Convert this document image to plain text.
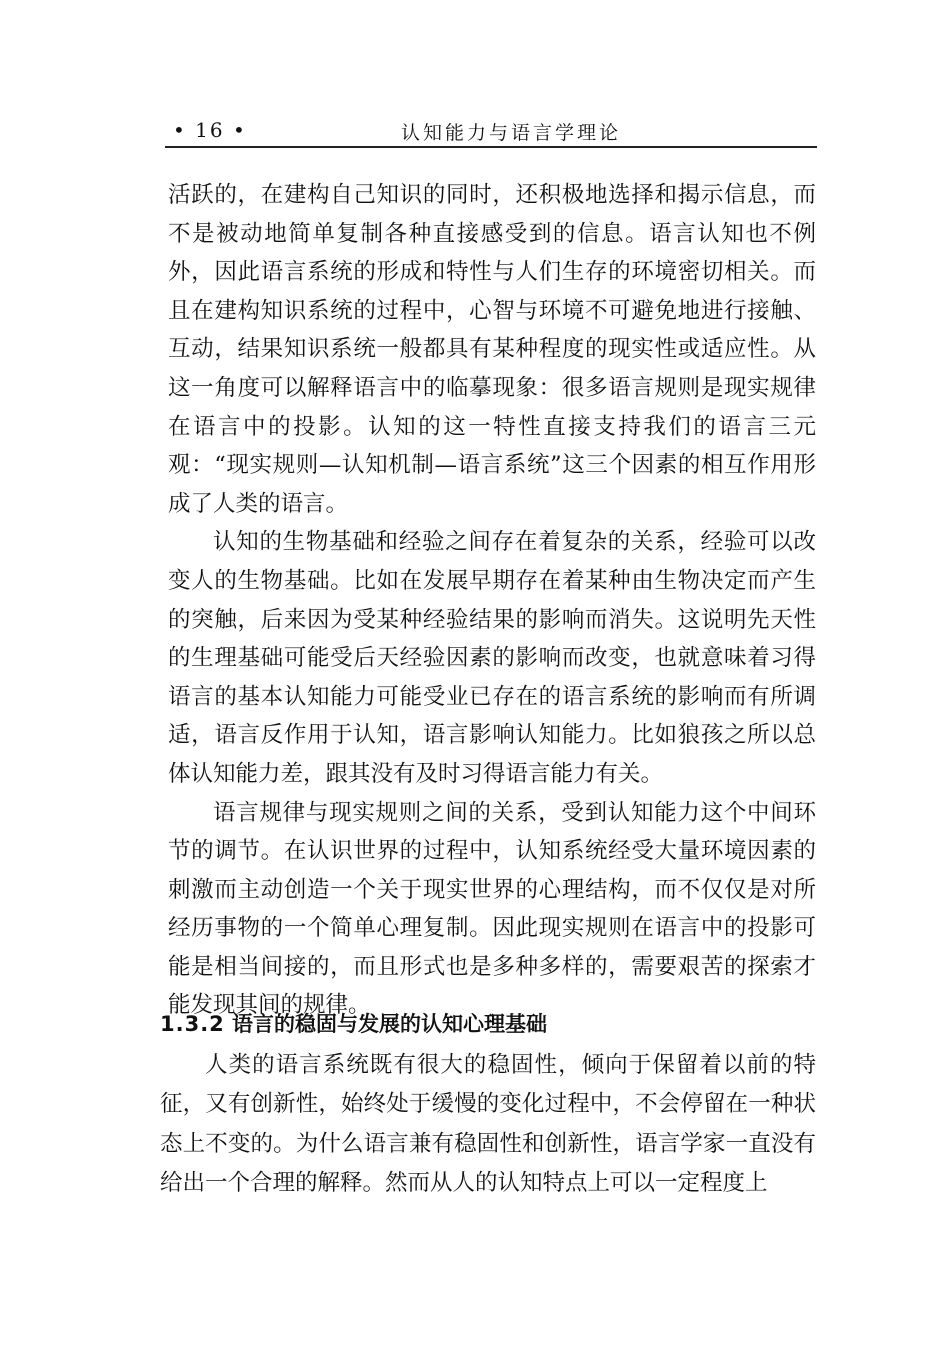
• 16 •	认知能力与语言学理论

活跃的，在建构自己知识的同时，还积极地选择和揭示信息，而不是被动地简单复制各种直接感受到的信息。语言认知也不例外，因此语言系统的形成和特性与人们生存的环境密切相关。而且在建构知识系统的过程中，心智与环境不可避免地进行接触、互动，结果知识系统一般都具有某种程度的现实性或适应性。从这一角度可以解释语言中的临摹现象：很多语言规则是现实规律在语言中的投影。认知的这一特性直接支持我们的语言三元观：“现实规则—认知机制—语言系统”这三个因素的相互作用形成了人类的语言。

认知的生物基础和经验之间存在着复杂的关系，经验可以改变人的生物基础。比如在发展早期存在着某种由生物决定而产生的突触，后来因为受某种经验结果的影响而消失。这说明先天性的生理基础可能受后天经验因素的影响而改变，也就意味着习得语言的基本认知能力可能受业已存在的语言系统的影响而有所调适，语言反作用于认知，语言影响认知能力。比如狼孩之所以总体认知能力差，跟其没有及时习得语言能力有关。

语言规律与现实规则之间的关系，受到认知能力这个中间环节的调节。在认识世界的过程中，认知系统经受大量环境因素的刺激而主动创造一个关于现实世界的心理结构，而不仅仅是对所经历事物的一个简单心理复制。因此现实规则在语言中的投影可能是相当间接的，而且形式也是多种多样的，需要艰苦的探索才能发现其间的规律。

1.3.2 语言的稳固与发展的认知心理基础

人类的语言系统既有很大的稳固性，倾向于保留着以前的特征，又有创新性，始终处于缓慢的变化过程中，不会停留在一种状态上不变的。为什么语言兼有稳固性和创新性，语言学家一直没有给出一个合理的解释。然而从人的认知特点上可以一定程度上
